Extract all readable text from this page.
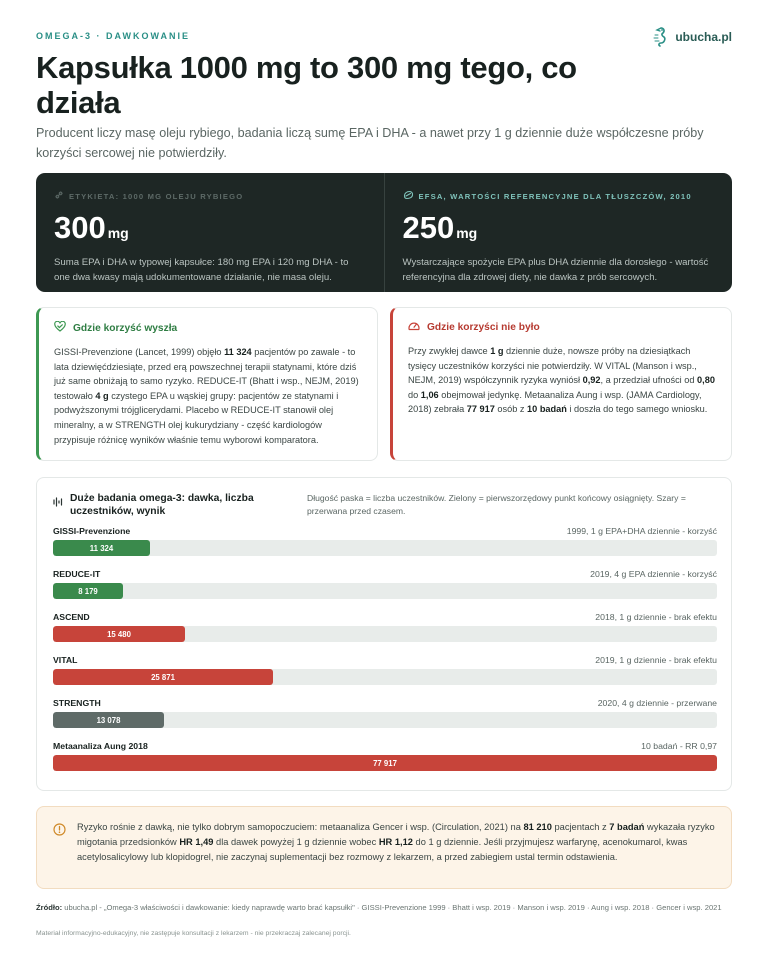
OMEGA-3 · DAWKOWANIE	ubucha.pl
Kapsułka 1000 mg to 300 mg tego, co działa

Producent liczy masę oleju rybiego, badania liczą sumę EPA i DHA - a nawet przy 1 g dziennie duże współczesne próby korzyści sercowej nie potwierdziły.

ETYKIETA: 1000 MG OLEJU RYBIEGO
300 mg
Suma EPA i DHA w typowej kapsułce: 180 mg EPA i 120 mg DHA - to one dwa kwasy mają udokumentowane działanie, nie masa oleju.
EFSA, WARTOŚCI REFERENCYJNE DLA TŁUSZCZÓW, 2010
250 mg
Wystarczające spożycie EPA plus DHA dziennie dla dorosłego - wartość referencyjna dla zdrowej diety, nie dawka z prób sercowych.
Gdzie korzyść wyszła

GISSI-Prevenzione (Lancet, 1999) objęło 11 324 pacjentów po zawale - to lata dziewięćdziesiąte, przed erą powszechnej terapii statynami, które dziś już same obniżają to samo ryzyko. REDUCE-IT (Bhatt i wsp., NEJM, 2019) testowało 4 g czystego EPA u wąskiej grupy: pacjentów ze statynami i podwyższonymi trójglicerydami. Placebo w REDUCE-IT stanowił olej mineralny, a w STRENGTH olej kukurydziany - część kardiologów przypisuje różnicę wyników właśnie temu wyborowi komparatora.

Gdzie korzyści nie było

Przy zwykłej dawce 1 g dziennie duże, nowsze próby na dziesiątkach tysięcy uczestników korzyści nie potwierdziły. W VITAL (Manson i wsp., NEJM, 2019) współczynnik ryzyka wyniósł 0,92, a przedział ufności od 0,80 do 1,06 obejmował jedynkę. Metaanaliza Aung i wsp. (JAMA Cardiology, 2018) zebrała 77 917 osób z 10 badań i doszła do tego samego wniosku.

Duże badania omega-3: dawka, liczba uczestników, wynik
Długość paska = liczba uczestników. Zielony = pierwszorzędowy punkt końcowy osiągnięty. Szary = przerwana przed czasem.
GISSI-Prevenzione	1999, 1 g EPA+DHA dziennie - korzyść
11 324
REDUCE-IT	2019, 4 g EPA dziennie - korzyść
8 179
ASCEND	2018, 1 g dziennie - brak efektu
15 480
VITAL	2019, 1 g dziennie - brak efektu
25 871
STRENGTH	2020, 4 g dziennie - przerwane
13 078
Metaanaliza Aung 2018	10 badań - RR 0,97
77 917

Ryzyko rośnie z dawką, nie tylko dobrym samopoczuciem: metaanaliza Gencer i wsp. (Circulation, 2021) na 81 210 pacjentach z 7 badań wykazała ryzyko migotania przedsionków HR 1,49 dla dawek powyżej 1 g dziennie wobec HR 1,12 do 1 g dziennie. Jeśli przyjmujesz warfarynę, acenokumarol, kwas acetylosalicylowy lub klopidogrel, nie zaczynaj suplementacji bez rozmowy z lekarzem, a przed zabiegiem ustal termin odstawienia.

Źródło: ubucha.pl - „Omega-3 właściwości i dawkowanie: kiedy naprawdę warto brać kapsułki" · GISSI-Prevenzione 1999 · Bhatt i wsp. 2019 · Manson i wsp. 2019 · Aung i wsp. 2018 · Gencer i wsp. 2021

Materiał informacyjno-edukacyjny, nie zastępuje konsultacji z lekarzem - nie przekraczaj zalecanej porcji.
